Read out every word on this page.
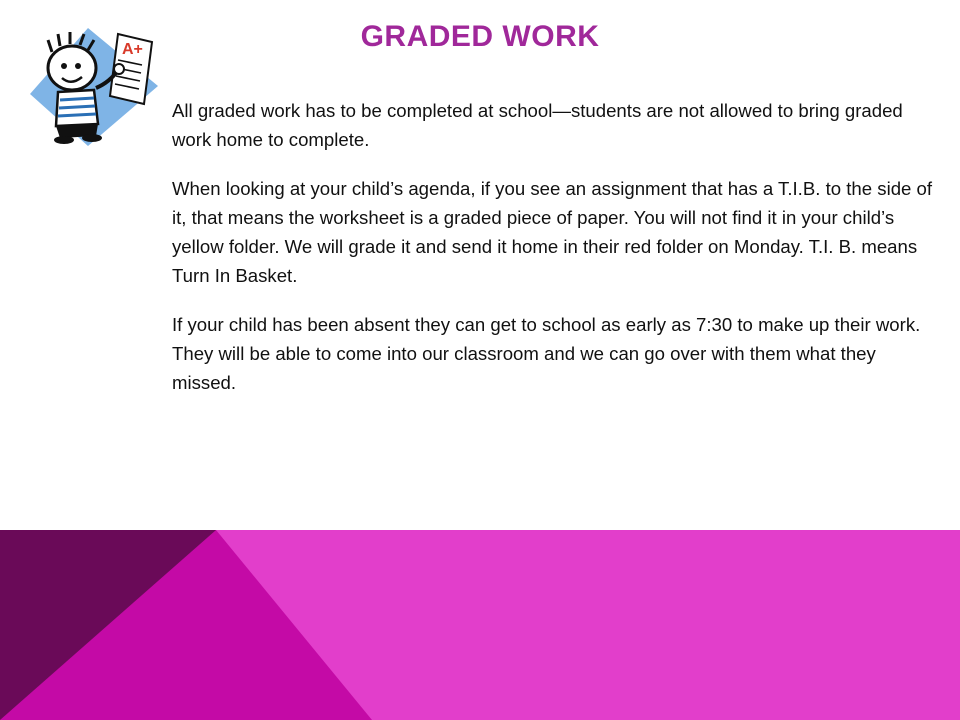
A+	GRADED WORK

All graded work has to be completed at school—students are not allowed to bring graded work home to complete.

When looking at your child’s agenda, if you see an assignment that has a T.I.B. to the side of it, that means the worksheet is a graded piece of paper. You will not find it in your child’s yellow folder. We will grade it and send it home in their red folder on Monday. T.I. B. means Turn In Basket.

If your child has been absent they can get to school as early as 7:30 to make up their work. They will be able to come into our classroom and we can go over with them what they missed.
